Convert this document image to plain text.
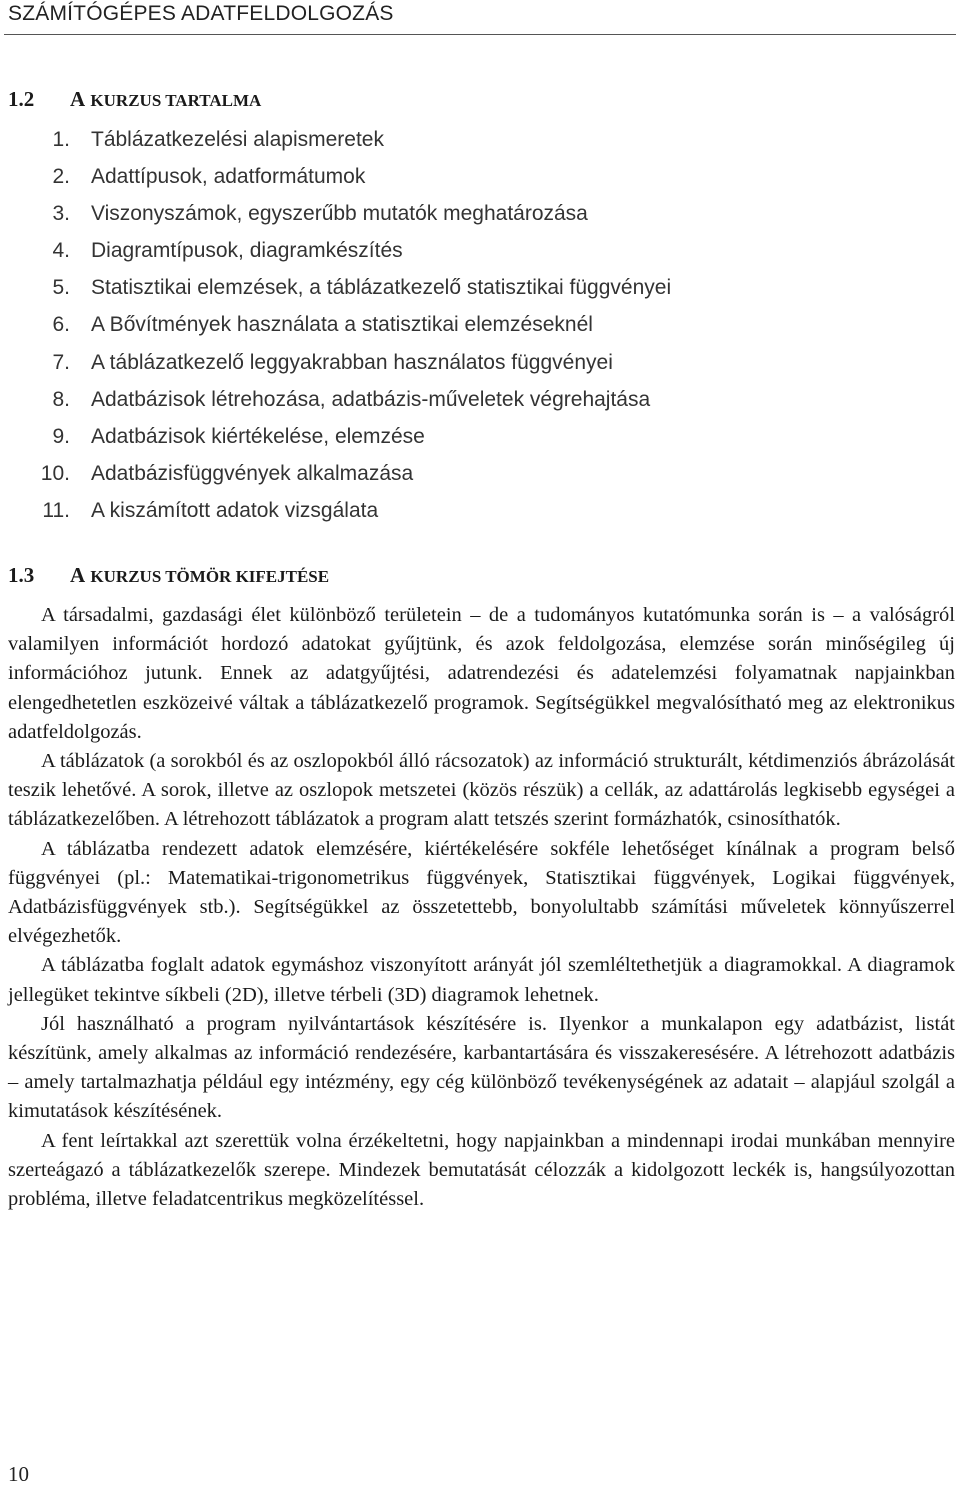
SZÁMÍTÓGÉPES ADATFELDOLGOZÁS
1.2 A KURZUS TARTALMA
1. Táblázatkezelési alapismeretek
2. Adattípusok, adatformátumok
3. Viszonyszámok, egyszerűbb mutatók meghatározása
4. Diagramtípusok, diagramkészítés
5. Statisztikai elemzések, a táblázatkezelő statisztikai függvényei
6. A Bővítmények használata a statisztikai elemzéseknél
7. A táblázatkezelő leggyakrabban használatos függvényei
8. Adatbázisok létrehozása, adatbázis-műveletek végrehajtása
9. Adatbázisok kiértékelése, elemzése
10. Adatbázisfüggvények alkalmazása
11. A kiszámított adatok vizsgálata
1.3 A KURZUS TÖMÖR KIFEJTÉSE

A társadalmi, gazdasági élet különböző területein – de a tudományos kutatómunka során is – a valóságról valamilyen információt hordozó adatokat gyűjtünk, és azok feldolgozása, elemzése során minőségileg új információhoz jutunk. Ennek az adatgyűjtési, adatrendezési és adatelemzési folyamatnak napjainkban elengedhetetlen eszközeivé váltak a táblázatkezelő programok. Segítségükkel megvalósítható meg az elektronikus adatfeldolgozás.

A táblázatok (a sorokból és az oszlopokból álló rácsozatok) az információ strukturált, kétdimenziós ábrázolását teszik lehetővé. A sorok, illetve az oszlopok metszetei (közös részük) a cellák, az adattárolás legkisebb egységei a táblázatkezelőben. A létrehozott táblázatok a program alatt tetszés szerint formázhatók, csinosíthatók.

A táblázatba rendezett adatok elemzésére, kiértékelésére sokféle lehetőséget kínálnak a program belső függvényei (pl.: Matematikai-trigonometrikus függvények, Statisztikai függvények, Logikai függvények, Adatbázisfüggvények stb.). Segítségükkel az összetettebb, bonyolultabb számítási műveletek könnyűszerrel elvégezhetők.

A táblázatba foglalt adatok egymáshoz viszonyított arányát jól szemléltethetjük a diagramokkal. A diagramok jellegüket tekintve síkbeli (2D), illetve térbeli (3D) diagramok lehetnek.

Jól használható a program nyilvántartások készítésére is. Ilyenkor a munkalapon egy adatbázist, listát készítünk, amely alkalmas az információ rendezésére, karbantartására és visszakeresésére. A létrehozott adatbázis – amely tartalmazhatja például egy intézmény, egy cég különböző tevékenységének az adatait – alapjául szolgál a kimutatások készítésének.

A fent leírtakkal azt szerettük volna érzékeltetni, hogy napjainkban a mindennapi irodai munkában mennyire szerteágazó a táblázatkezelők szerepe. Mindezek bemutatását célozzák a kidolgozott leckék is, hangsúlyozottan probléma, illetve feladatcentrikus megközelítéssel.

10
